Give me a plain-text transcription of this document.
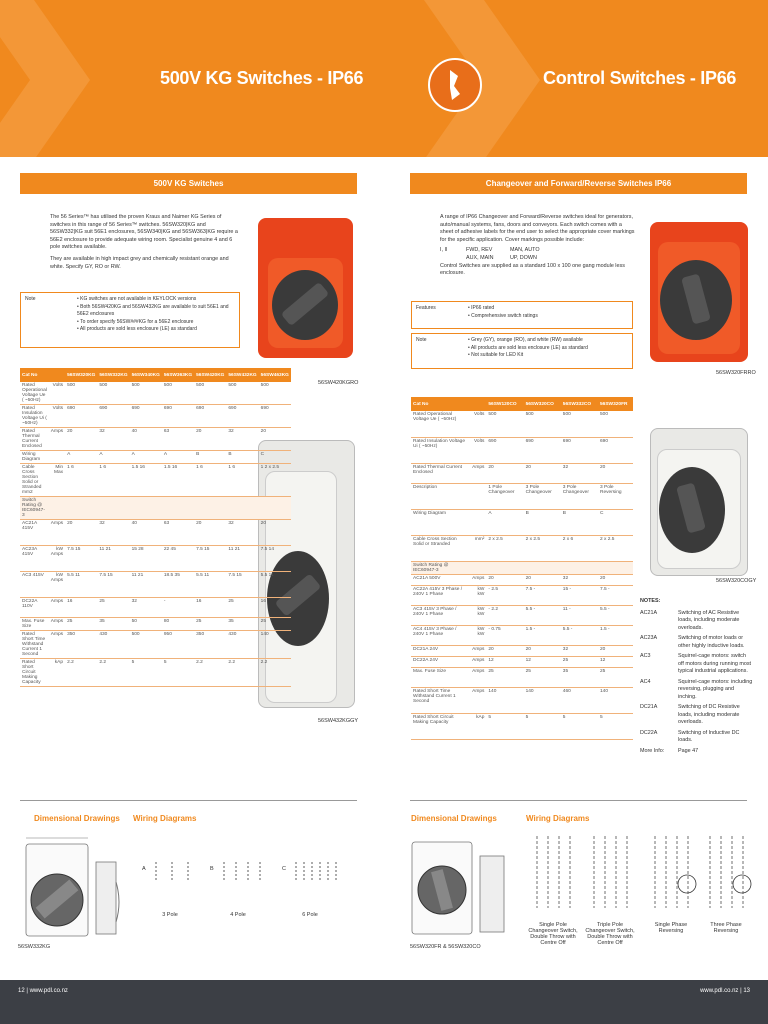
500V KG Switches - IP66	Control Switches - IP66
500V KG Switches

The 56 Series™ has utilised the proven Kraus and Naimer KG Series of switches in this range of 56 Series™ switches. 56SW320|KG and 56SW332|KG suit 56E1 enclosures, 56SW340|KG and 56SW363|KG require a 56E2 enclosure to provide adequate wiring room. Specialist genuine 4 and 6 pole switches available.

They are available in high impact grey and chemically resistant orange and white. Specify GY, RO or RW.

Note	• KG switches are not available in KEYLOCK versions
• Both 56SW420KG and 56SW432KG are available to suit 56E1 and 56E2 enclosures
• To order specify 56SW###KG for a 56E2 enclosure
• All products are sold less enclosure (LE) as standard
56SW420KGRO
56SW432KGGY
Cat No		56SW320KG	56SW332KG	56SW340KG	56SW363KG	56SW420KG	56SW432KG	56SW463KG
Rated Operational Voltage Ue ( ~50Hz)	Volts	500	500	500	500	500	500	500
Rated Insulation Voltage Ui ( ~50Hz)	Volts	690	690	690	690	690	690	690
Rated Thermal Current Enclosed	Amps	20	32	40	63	20	32	20
Wiring Diagram		A	A	A	A	B	B	C
Cable Cross Section Solid or Stranded mm2	Min Max	1 6	1 6	1.5 16	1.5 16	1 6	1 6	1 2 x 2.5
Switch Rating @ IEC60947-3								
AC21A 415V	Amps	20	32	40	63	20	32	20
AC23A 415V	kW Amps	7.5 15	11 21	15 28	22 45	7.5 15	11 21	7.5 14
AC3 415V	kW Amps	5.5 11	7.5 15	11 21	18.5 35	5.5 11	7.5 15	5.5 11
DC22A 110V	Amps	16	25	32	-	16	25	16
Max. Fuse Size	Amps	25	35	50	80	25	35	25
Rated Short Time Withstand Current 1 Second	Amps	350	430	500	950	350	430	140
Rated Short Circuit Making Capacity	kAp	2.2	2.2	5	5	2.2	2.2	2.2
Dimensional Drawings Wiring Diagrams
56SW332KG
A
3 Pole
B
4 Pole
C
6 Pole
Changeover and Forward/Reverse Switches IP66

A range of IP66 Changeover and Forward/Reverse switches ideal for generators, auto/manual systems, fans, doors and conveyors. Each switch comes with a sheet of adhesive labels for the end user to select the appropriate cover markings for the specific application. Cover markings possible include:

I, II	FWD, REV	MAN, AUTO
AUX, MAIN	UP, DOWN

Control Switches are supplied as a standard 100 x 100 one gang module less enclosure.

Features	• IP66 rated
• Comprehensive switch ratings
Note	• Grey (GY), orange (RO), and white (RW) available
• All products are sold less enclosure (LE) as standard
• Not suitable for LED Kit
56SW320FRRO
56SW320COGY
Cat No		56SW120CO	56SW320CO	56SW332CO	56SW320FR
Rated Operational Voltage Ue ( ~50Hz)	Volts	500	500	500	500
Rated Insulation Voltage Ui ( ~50Hz)	Volts	690	690	690	690
Rated Thermal Current Enclosed	Amps	20	20	32	20
Description		1 Pole Changeover	3 Pole Changeover	3 Pole Changeover	3 Pole Reversing
Wiring Diagram		A	B	B	C
Cable Cross Section Solid or Stranded	mm²	2 x 2.5	2 x 2.5	2 x 6	2 x 2.5
Switch Rating @ IEC60947-3					
AC21A 500V	Amps	20	20	32	20
AC22A 415V 3 Phase / 240V 1 Phase	kW kW	- 2.5	7.5 -	15 -	7.5 -
AC3 415V 3 Phase / 240V 1 Phase	kW kW	- 2.2	5.5 -	11 -	5.5 -
AC4 415V 3 Phase / 240V 1 Phase	kW kW	- 0.75	1.5 -	5.5 -	1.5 -
DC21A 24V	Amps	20	20	32	20
DC22A 24V	Amps	12	12	25	12
Max. Fuse Size	Amps	25	25	35	25
Rated Short Time Withstand Current 1 Second	Amps	140	140	460	140
Rated Short Circuit Making Capacity	kAp	5	5	5	5
NOTES:
AC21A	Switching of AC Resistive loads, including moderate overloads.
AC23A	Switching of motor loads or other highly inductive loads.
AC3	Squirrel-cage motors: switch off motors during running most typical industrial applications.
AC4	Squirrel-cage motors: including reversing, plugging and inching.
DC21A	Switching of DC Resistive loads, including moderate overloads.
DC22A	Switching of Inductive DC loads.
More Info:	Page 47
Dimensional Drawings	Wiring Diagrams
56SW320FR & 56SW320CO
Single Pole Changeover Switch, Double Throw with Centre Off
Triple Pole Changeover Switch, Double Throw with Centre Off
Single Phase Reversing
Three Phase Reversing
12 | www.pdl.co.nz	www.pdl.co.nz | 13
